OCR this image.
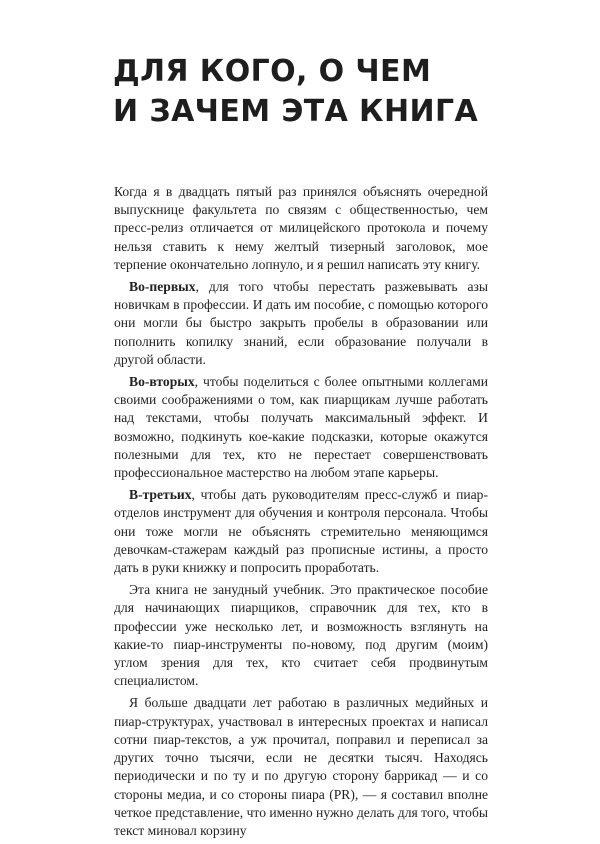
ДЛЯ КОГО, О ЧЕМ
И ЗАЧЕМ ЭТА КНИГА

Когда я в двадцать пятый раз принялся объяснять очередной выпускнице факультета по связям с общественностью, чем пресс-релиз отличается от милицейского протокола и почему нельзя ставить к нему желтый тизерный заголовок, мое терпение окончательно лопнуло, и я решил написать эту книгу.

Во-первых, для того чтобы перестать разжевывать азы новичкам в профессии. И дать им пособие, с помощью которого они могли бы быстро закрыть пробелы в образовании или пополнить копилку знаний, если образование получали в другой области.

Во-вторых, чтобы поделиться с более опытными коллегами своими соображениями о том, как пиарщикам лучше работать над текстами, чтобы получать максимальный эффект. И возможно, подкинуть кое-какие подсказки, которые окажутся полезными для тех, кто не перестает совершенствовать профессиональное мастерство на любом этапе карьеры.

В-третьих, чтобы дать руководителям пресс-служб и пиар-отделов инструмент для обучения и контроля персонала. Чтобы они тоже могли не объяснять стремительно меняющимся девочкам-стажерам каждый раз прописные истины, а просто дать в руки книжку и попросить проработать.

Эта книга не занудный учебник. Это практическое пособие для начинающих пиарщиков, справочник для тех, кто в профессии уже несколько лет, и возможность взглянуть на какие-то пиар-инструменты по-новому, под другим (моим) углом зрения для тех, кто считает себя продвинутым специалистом.

Я больше двадцати лет работаю в различных медийных и пиар-структурах, участвовал в интересных проектах и написал сотни пиар-текстов, а уж прочитал, поправил и переписал за других точно тысячи, если не десятки тысяч. Находясь периодически и по ту и по другую сторону баррикад — и со стороны медиа, и со стороны пиара (PR), — я составил вполне четкое представление, что именно нужно делать для того, чтобы текст миновал корзину
